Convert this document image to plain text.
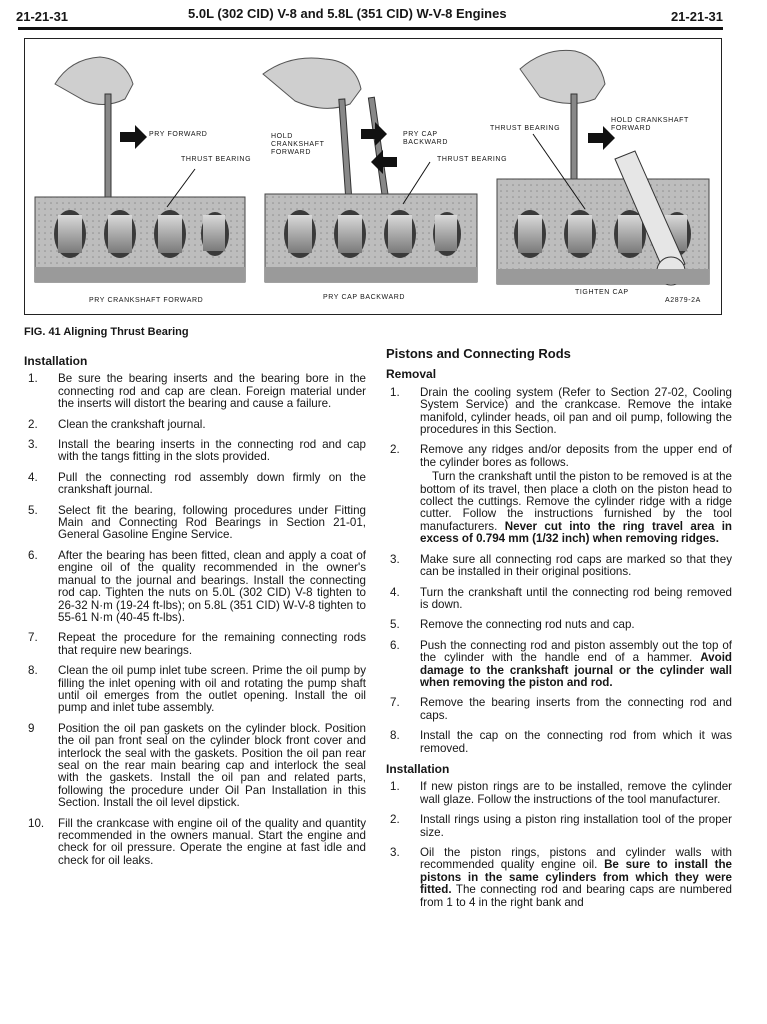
21-21-31	5.0L (302 CID) V-8 and 5.8L (351 CID) W-V-8 Engines	21-21-31
PRY FORWARD
THRUST BEARING
PRY CRANKSHAFT FORWARD
HOLD
CRANKSHAFT
FORWARD
PRY CAP
BACKWARD
THRUST BEARING
PRY CAP BACKWARD
THRUST BEARING
HOLD CRANKSHAFT
FORWARD
TIGHTEN CAP
A2879-2A
FIG. 41 Aligning Thrust Bearing
Installation
1. Be sure the bearing inserts and the bearing bore in the connecting rod and cap are clean. Foreign material under the inserts will distort the bearing and cause a failure.
2. Clean the crankshaft journal.
3. Install the bearing inserts in the connecting rod and cap with the tangs fitting in the slots provided.
4. Pull the connecting rod assembly down firmly on the crankshaft journal.
5. Select fit the bearing, following procedures under Fitting Main and Connecting Rod Bearings in Section 21-01, General Gasoline Engine Service.
6. After the bearing has been fitted, clean and apply a coat of engine oil of the quality recommended in the owner's manual to the journal and bearings. Install the connecting rod cap. Tighten the nuts on 5.0L (302 CID) V-8 tighten to 26-32 N·m (19-24 ft-lbs); on 5.8L (351 CID) W-V-8 tighten to 55-61 N·m (40-45 ft-lbs).
7. Repeat the procedure for the remaining connecting rods that require new bearings.
8. Clean the oil pump inlet tube screen. Prime the oil pump by filling the inlet opening with oil and rotating the pump shaft until oil emerges from the outlet opening. Install the oil pump and inlet tube assembly.
9 Position the oil pan gaskets on the cylinder block. Position the oil pan front seal on the cylinder block front cover and interlock the seal with the gaskets. Position the oil pan rear seal on the rear main bearing cap and interlock the seal with the gaskets. Install the oil pan and related parts, following the procedure under Oil Pan Installation in this Section. Install the oil level dipstick.
10. Fill the crankcase with engine oil of the quality and quantity recommended in the owners manual. Start the engine and check for oil pressure. Operate the engine at fast idle and check for oil leaks.
Pistons and Connecting Rods
Removal
1. Drain the cooling system (Refer to Section 27-02, Cooling System Service) and the crankcase. Remove the intake manifold, cylinder heads, oil pan and oil pump, following the procedures in this Section.
2. Remove any ridges and/or deposits from the upper end of the cylinder bores as follows.
Turn the crankshaft until the piston to be removed is at the bottom of its travel, then place a cloth on the piston head to collect the cuttings. Remove the cylinder ridge with a ridge cutter. Follow the instructions furnished by the tool manufacturers. Never cut into the ring travel area in excess of 0.794 mm (1/32 inch) when removing ridges.
3. Make sure all connecting rod caps are marked so that they can be installed in their original positions.
4. Turn the crankshaft until the connecting rod being removed is down.
5. Remove the connecting rod nuts and cap.
6. Push the connecting rod and piston assembly out the top of the cylinder with the handle end of a hammer. Avoid damage to the crankshaft journal or the cylinder wall when removing the piston and rod.
7. Remove the bearing inserts from the connecting rod and caps.
8. Install the cap on the connecting rod from which it was removed.
Installation
1. If new piston rings are to be installed, remove the cylinder wall glaze. Follow the instructions of the tool manufacturer.
2. Install rings using a piston ring installation tool of the proper size.
3. Oil the piston rings, pistons and cylinder walls with recommended quality engine oil. Be sure to install the pistons in the same cylinders from which they were fitted. The connecting rod and bearing caps are numbered from 1 to 4 in the right bank and
